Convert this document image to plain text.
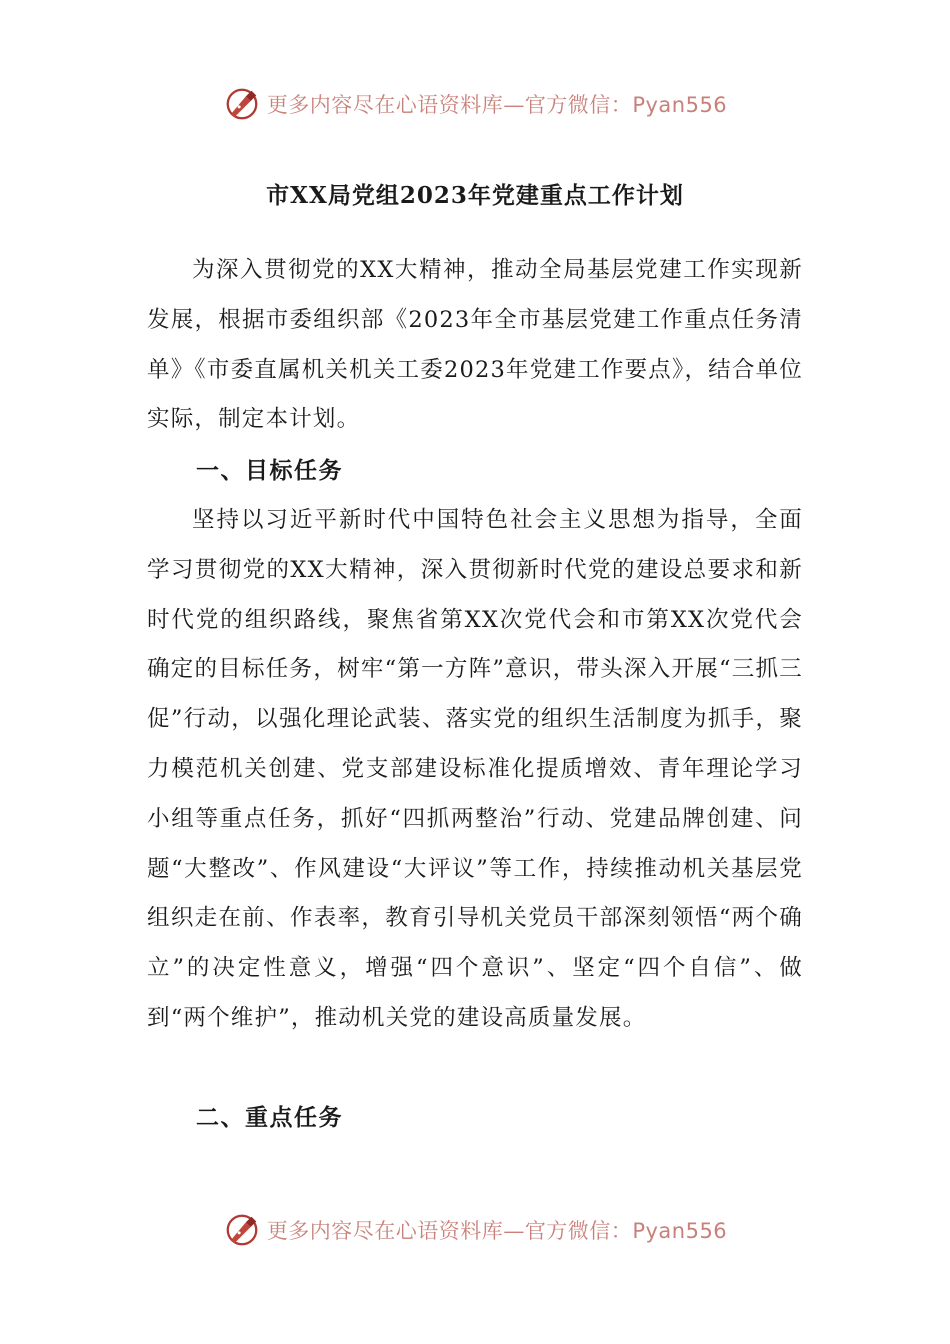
更多内容尽在心语资料库—官方微信：Pyan556
市XX局党组2023年党建重点工作计划
为深入贯彻党的XX大精神，推动全局基层党建工作实现新发展，根据市委组织部《2023年全市基层党建工作重点任务清单》《市委直属机关机关工委2023年党建工作要点》，结合单位实际，制定本计划。
一、目标任务
坚持以习近平新时代中国特色社会主义思想为指导，全面学习贯彻党的XX大精神，深入贯彻新时代党的建设总要求和新时代党的组织路线，聚焦省第XX次党代会和市第XX次党代会确定的目标任务，树牢“第一方阵”意识，带头深入开展“三抓三促”行动，以强化理论武装、落实党的组织生活制度为抓手，聚力模范机关创建、党支部建设标准化提质增效、青年理论学习小组等重点任务，抓好“四抓两整治”行动、党建品牌创建、问题“大整改”、作风建设“大评议”等工作，持续推动机关基层党组织走在前、作表率，教育引导机关党员干部深刻领悟“两个确立”的决定性意义，增强“四个意识”、坚定“四个自信”、做到“两个维护”，推动机关党的建设高质量发展。
二、重点任务
更多内容尽在心语资料库—官方微信：Pyan556
